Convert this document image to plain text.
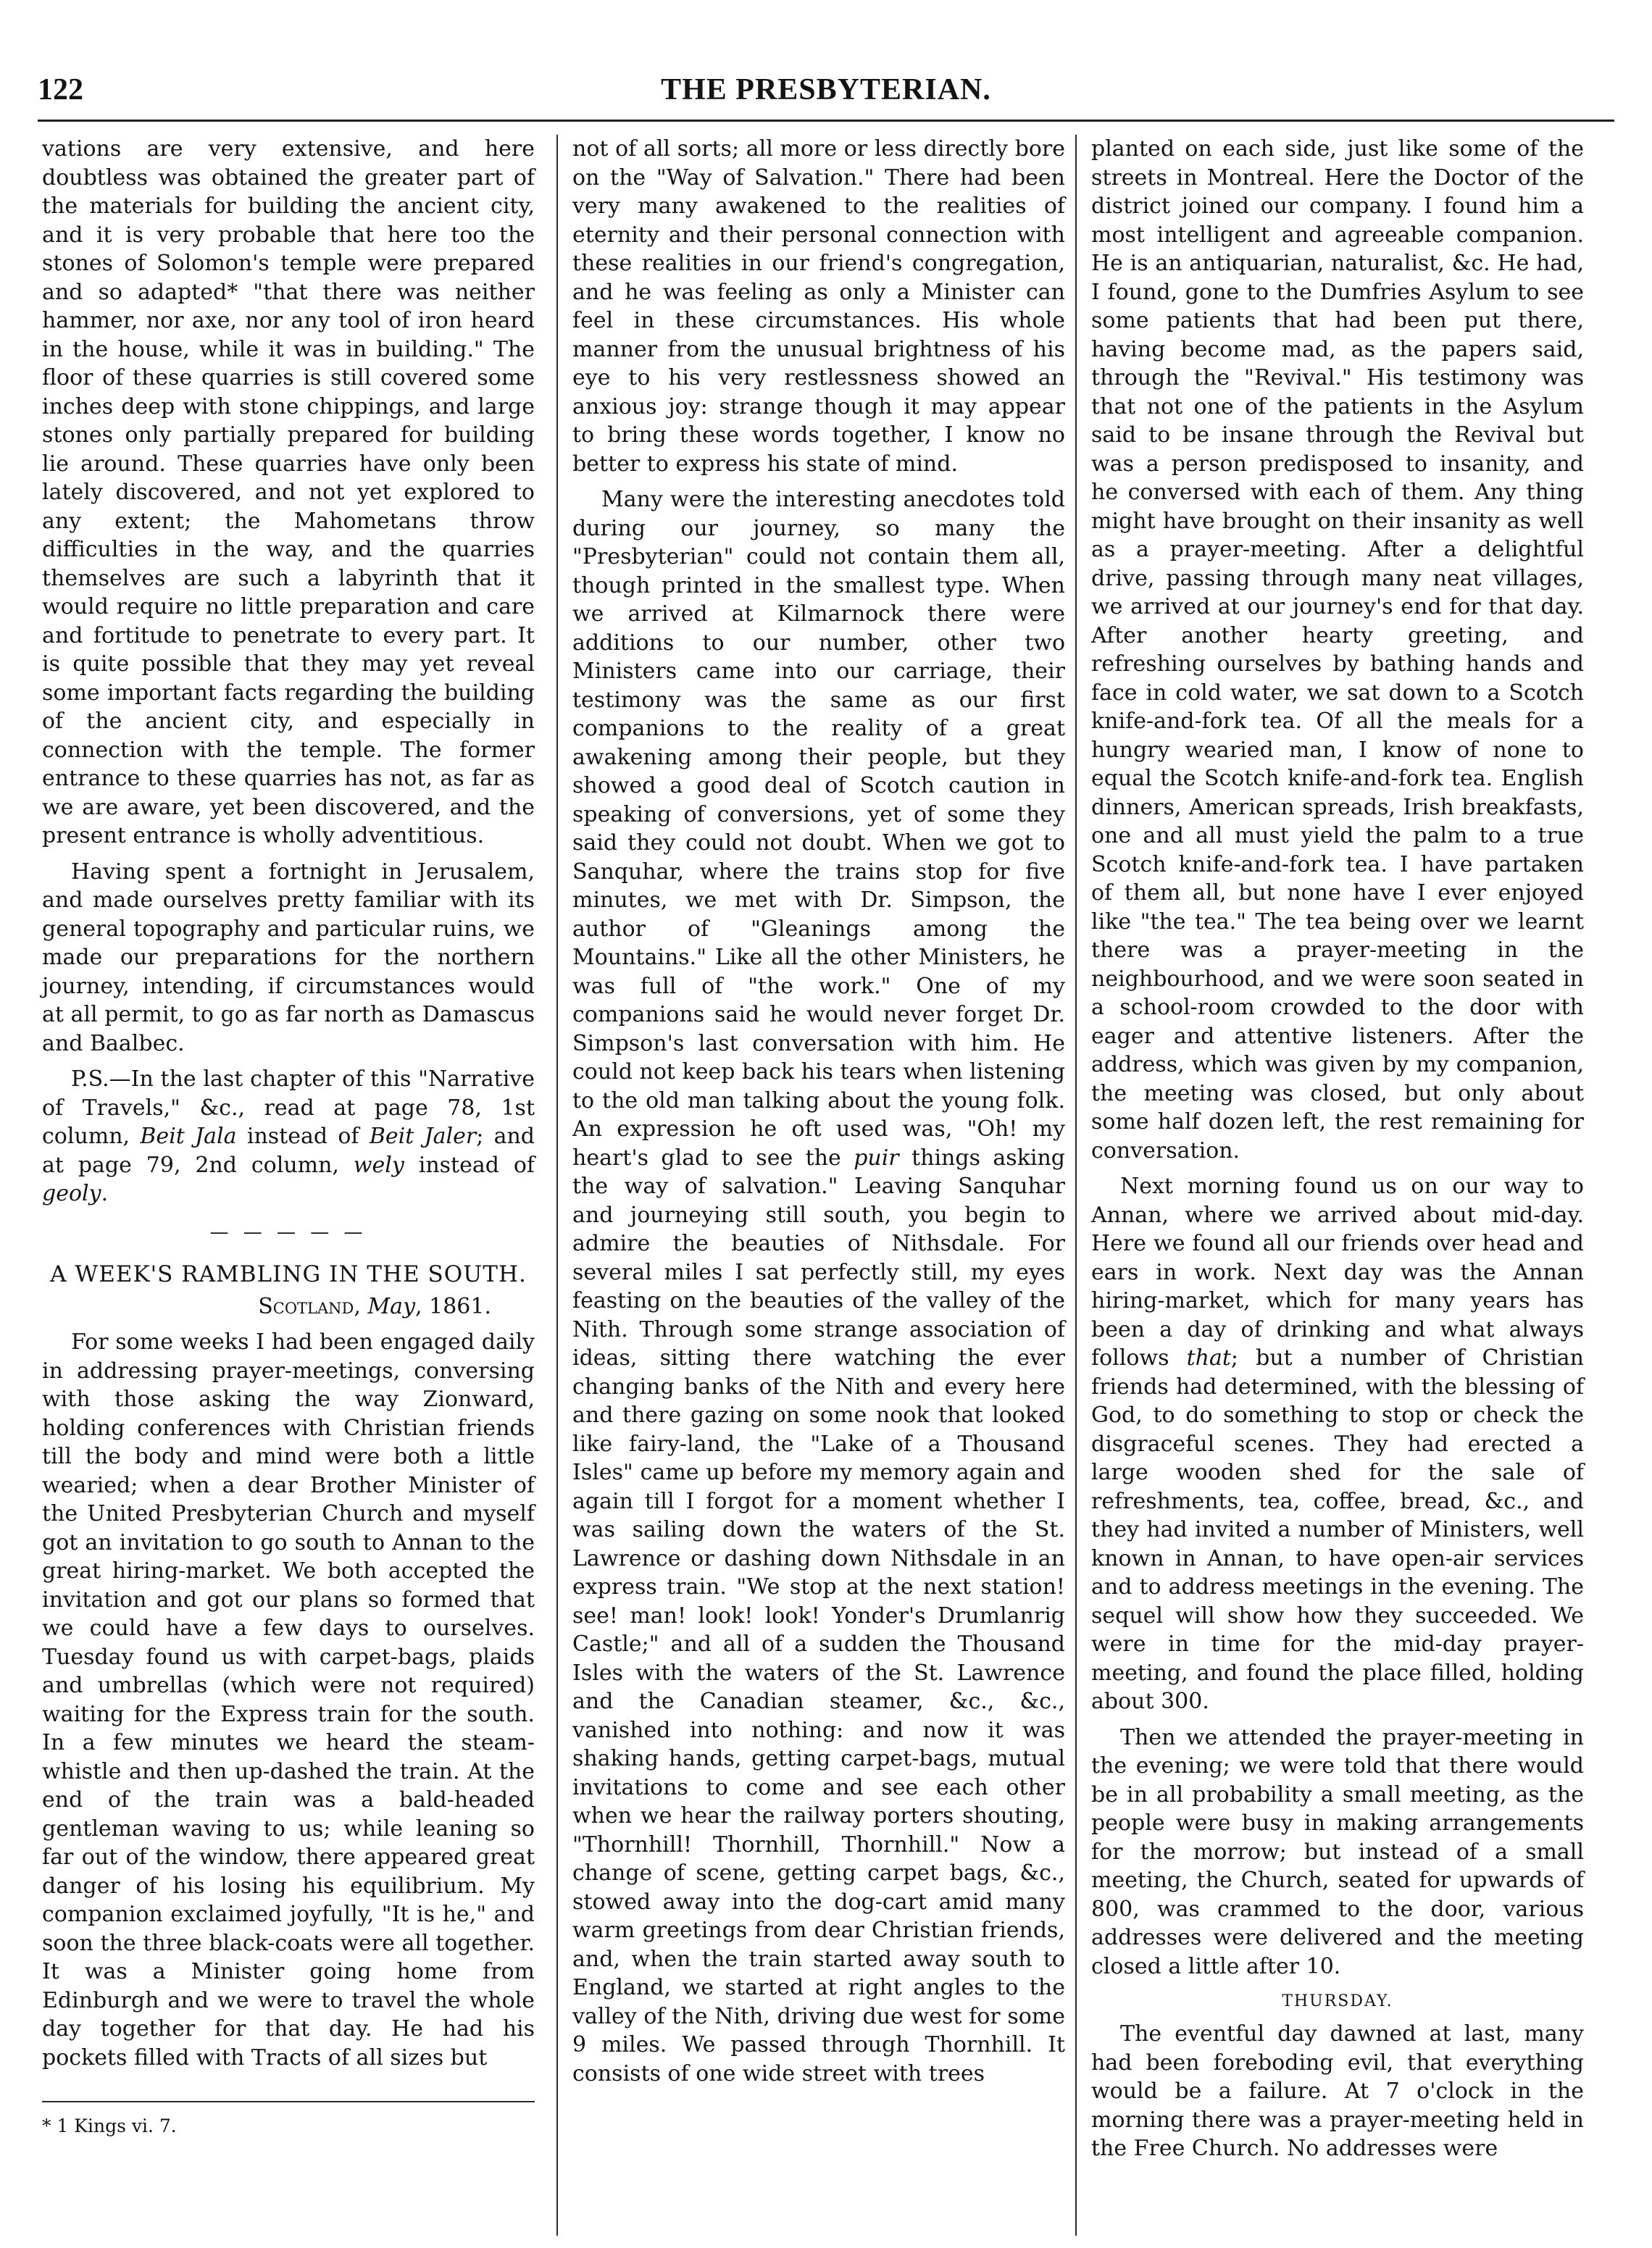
122	THE PRESBYTERIAN.

vations are very extensive, and here doubtless was obtained the greater part of the materials for building the ancient city, and it is very probable that here too the stones of Solomon's temple were prepared and so adapted* "that there was neither hammer, nor axe, nor any tool of iron heard in the house, while it was in building." The floor of these quarries is still covered some inches deep with stone chippings, and large stones only partially prepared for building lie around. These quarries have only been lately discovered, and not yet explored to any extent; the Mahometans throw difficulties in the way, and the quarries themselves are such a labyrinth that it would require no little preparation and care and fortitude to penetrate to every part. It is quite possible that they may yet reveal some important facts regarding the building of the ancient city, and especially in connection with the temple. The former entrance to these quarries has not, as far as we are aware, yet been discovered, and the present entrance is wholly adventitious.

Having spent a fortnight in Jerusalem, and made ourselves pretty familiar with its general topography and particular ruins, we made our preparations for the northern journey, intending, if circumstances would at all permit, to go as far north as Damascus and Baalbec.

P.S.—In the last chapter of this "Narrative of Travels," &c., read at page 78, 1st column, Beit Jala instead of Beit Jaler; and at page 79, 2nd column, wely instead of geoly.

— — — — —
A WEEK'S RAMBLING IN THE SOUTH.
Scotland, May, 1861.

For some weeks I had been engaged daily in addressing prayer-meetings, conversing with those asking the way Zionward, holding conferences with Christian friends till the body and mind were both a little wearied; when a dear Brother Minister of the United Presbyterian Church and myself got an invitation to go south to Annan to the great hiring-market. We both accepted the invitation and got our plans so formed that we could have a few days to ourselves. Tuesday found us with carpet-bags, plaids and umbrellas (which were not required) waiting for the Express train for the south. In a few minutes we heard the steam-whistle and then up-dashed the train. At the end of the train was a bald-headed gentleman waving to us; while leaning so far out of the window, there appeared great danger of his losing his equilibrium. My companion exclaimed joyfully, "It is he," and soon the three black-coats were all together. It was a Minister going home from Edinburgh and we were to travel the whole day together for that day. He had his pockets filled with Tracts of all sizes but

* 1 Kings vi. 7.

not of all sorts; all more or less directly bore on the "Way of Salvation." There had been very many awakened to the realities of eternity and their personal connection with these realities in our friend's congregation, and he was feeling as only a Minister can feel in these circumstances. His whole manner from the unusual brightness of his eye to his very restlessness showed an anxious joy: strange though it may appear to bring these words together, I know no better to express his state of mind.

Many were the interesting anecdotes told during our journey, so many the "Presbyterian" could not contain them all, though printed in the smallest type. When we arrived at Kilmarnock there were additions to our number, other two Ministers came into our carriage, their testimony was the same as our first companions to the reality of a great awakening among their people, but they showed a good deal of Scotch caution in speaking of conversions, yet of some they said they could not doubt. When we got to Sanquhar, where the trains stop for five minutes, we met with Dr. Simpson, the author of "Gleanings among the Mountains." Like all the other Ministers, he was full of "the work." One of my companions said he would never forget Dr. Simpson's last conversation with him. He could not keep back his tears when listening to the old man talking about the young folk. An expression he oft used was, "Oh! my heart's glad to see the puir things asking the way of salvation." Leaving Sanquhar and journeying still south, you begin to admire the beauties of Nithsdale. For several miles I sat perfectly still, my eyes feasting on the beauties of the valley of the Nith. Through some strange association of ideas, sitting there watching the ever changing banks of the Nith and every here and there gazing on some nook that looked like fairy-land, the "Lake of a Thousand Isles" came up before my memory again and again till I forgot for a moment whether I was sailing down the waters of the St. Lawrence or dashing down Nithsdale in an express train. "We stop at the next station! see! man! look! look! Yonder's Drumlanrig Castle;" and all of a sudden the Thousand Isles with the waters of the St. Lawrence and the Canadian steamer, &c., &c., vanished into nothing: and now it was shaking hands, getting carpet-bags, mutual invitations to come and see each other when we hear the railway porters shouting, "Thornhill! Thornhill, Thornhill." Now a change of scene, getting carpet bags, &c., stowed away into the dog-cart amid many warm greetings from dear Christian friends, and, when the train started away south to England, we started at right angles to the valley of the Nith, driving due west for some 9 miles. We passed through Thornhill. It consists of one wide street with trees

planted on each side, just like some of the streets in Montreal. Here the Doctor of the district joined our company. I found him a most intelligent and agreeable companion. He is an antiquarian, naturalist, &c. He had, I found, gone to the Dumfries Asylum to see some patients that had been put there, having become mad, as the papers said, through the "Revival." His testimony was that not one of the patients in the Asylum said to be insane through the Revival but was a person predisposed to insanity, and he conversed with each of them. Any thing might have brought on their insanity as well as a prayer-meeting. After a delightful drive, passing through many neat villages, we arrived at our journey's end for that day. After another hearty greeting, and refreshing ourselves by bathing hands and face in cold water, we sat down to a Scotch knife-and-fork tea. Of all the meals for a hungry wearied man, I know of none to equal the Scotch knife-and-fork tea. English dinners, American spreads, Irish breakfasts, one and all must yield the palm to a true Scotch knife-and-fork tea. I have partaken of them all, but none have I ever enjoyed like "the tea." The tea being over we learnt there was a prayer-meeting in the neighbourhood, and we were soon seated in a school-room crowded to the door with eager and attentive listeners. After the address, which was given by my companion, the meeting was closed, but only about some half dozen left, the rest remaining for conversation.

Next morning found us on our way to Annan, where we arrived about mid-day. Here we found all our friends over head and ears in work. Next day was the Annan hiring-market, which for many years has been a day of drinking and what always follows that; but a number of Christian friends had determined, with the blessing of God, to do something to stop or check the disgraceful scenes. They had erected a large wooden shed for the sale of refreshments, tea, coffee, bread, &c., and they had invited a number of Ministers, well known in Annan, to have open-air services and to address meetings in the evening. The sequel will show how they succeeded. We were in time for the mid-day prayer-meeting, and found the place filled, holding about 300.

Then we attended the prayer-meeting in the evening; we were told that there would be in all probability a small meeting, as the people were busy in making arrangements for the morrow; but instead of a small meeting, the Church, seated for upwards of 800, was crammed to the door, various addresses were delivered and the meeting closed a little after 10.

THURSDAY.

The eventful day dawned at last, many had been foreboding evil, that everything would be a failure. At 7 o'clock in the morning there was a prayer-meeting held in the Free Church. No addresses were
